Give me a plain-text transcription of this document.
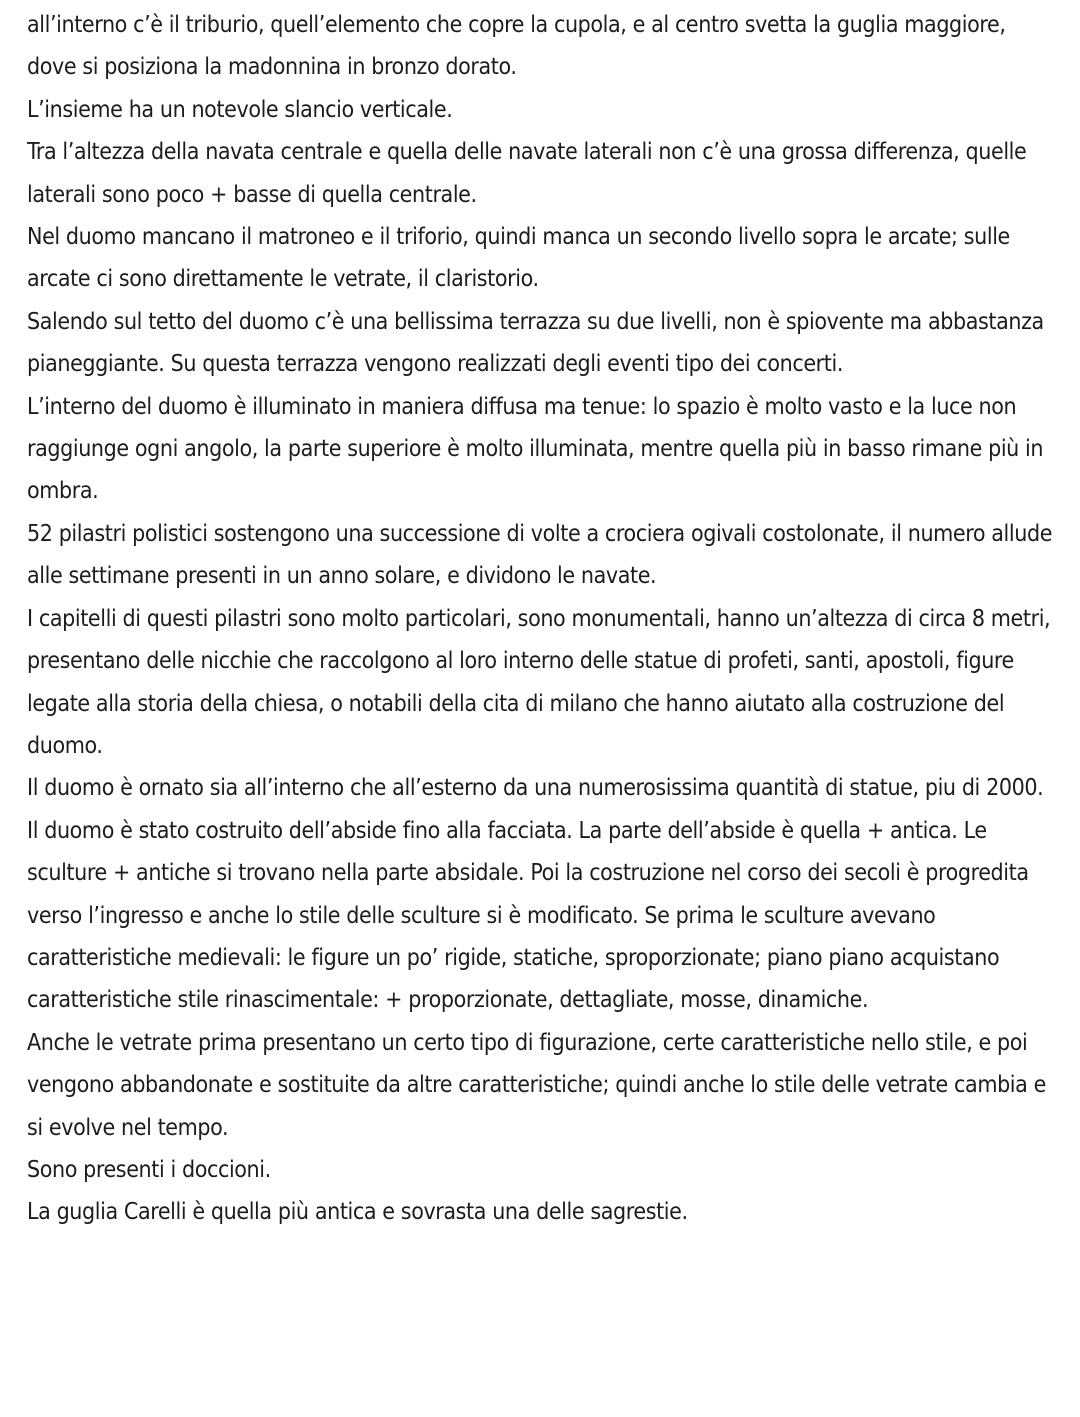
all’interno c’è il triburio, quell’elemento che copre la cupola, e al centro svetta la guglia maggiore, dove si posiziona la madonnina in bronzo dorato.

L’insieme ha un notevole slancio verticale.

Tra l’altezza della navata centrale e quella delle navate laterali non c’è una grossa differenza, quelle laterali sono poco + basse di quella centrale.

Nel duomo mancano il matroneo e il triforio, quindi manca un secondo livello sopra le arcate; sulle arcate ci sono direttamente le vetrate, il claristorio.

Salendo sul tetto del duomo c’è una bellissima terrazza su due livelli, non è spiovente ma abbastanza pianeggiante. Su questa terrazza vengono realizzati degli eventi tipo dei concerti.

L’interno del duomo è illuminato in maniera diffusa ma tenue: lo spazio è molto vasto e la luce non raggiunge ogni angolo, la parte superiore è molto illuminata, mentre quella più in basso rimane più in ombra.

52 pilastri polistici sostengono una successione di volte a crociera ogivali costolonate, il numero allude alle settimane presenti in un anno solare, e dividono le navate.

I capitelli di questi pilastri sono molto particolari, sono monumentali, hanno un’altezza di circa 8 metri, presentano delle nicchie che raccolgono al loro interno delle statue di profeti, santi, apostoli, figure legate alla storia della chiesa, o notabili della cita di milano che hanno aiutato alla costruzione del duomo.

Il duomo è ornato sia all’interno che all’esterno da una numerosissima quantità di statue, piu di 2000.

Il duomo è stato costruito dell’abside fino alla facciata. La parte dell’abside è quella + antica. Le sculture + antiche si trovano nella parte absidale. Poi la costruzione nel corso dei secoli è progredita verso l’ingresso e anche lo stile delle sculture si è modificato. Se prima le sculture avevano caratteristiche medievali: le figure un po’ rigide, statiche, sproporzionate; piano piano acquistano caratteristiche stile rinascimentale: + proporzionate, dettagliate, mosse, dinamiche.

Anche le vetrate prima presentano un certo tipo di figurazione, certe caratteristiche nello stile, e poi vengono abbandonate e sostituite da altre caratteristiche; quindi anche lo stile delle vetrate cambia e si evolve nel tempo.

Sono presenti i doccioni.

La guglia Carelli è quella più antica e sovrasta una delle sagrestie.
